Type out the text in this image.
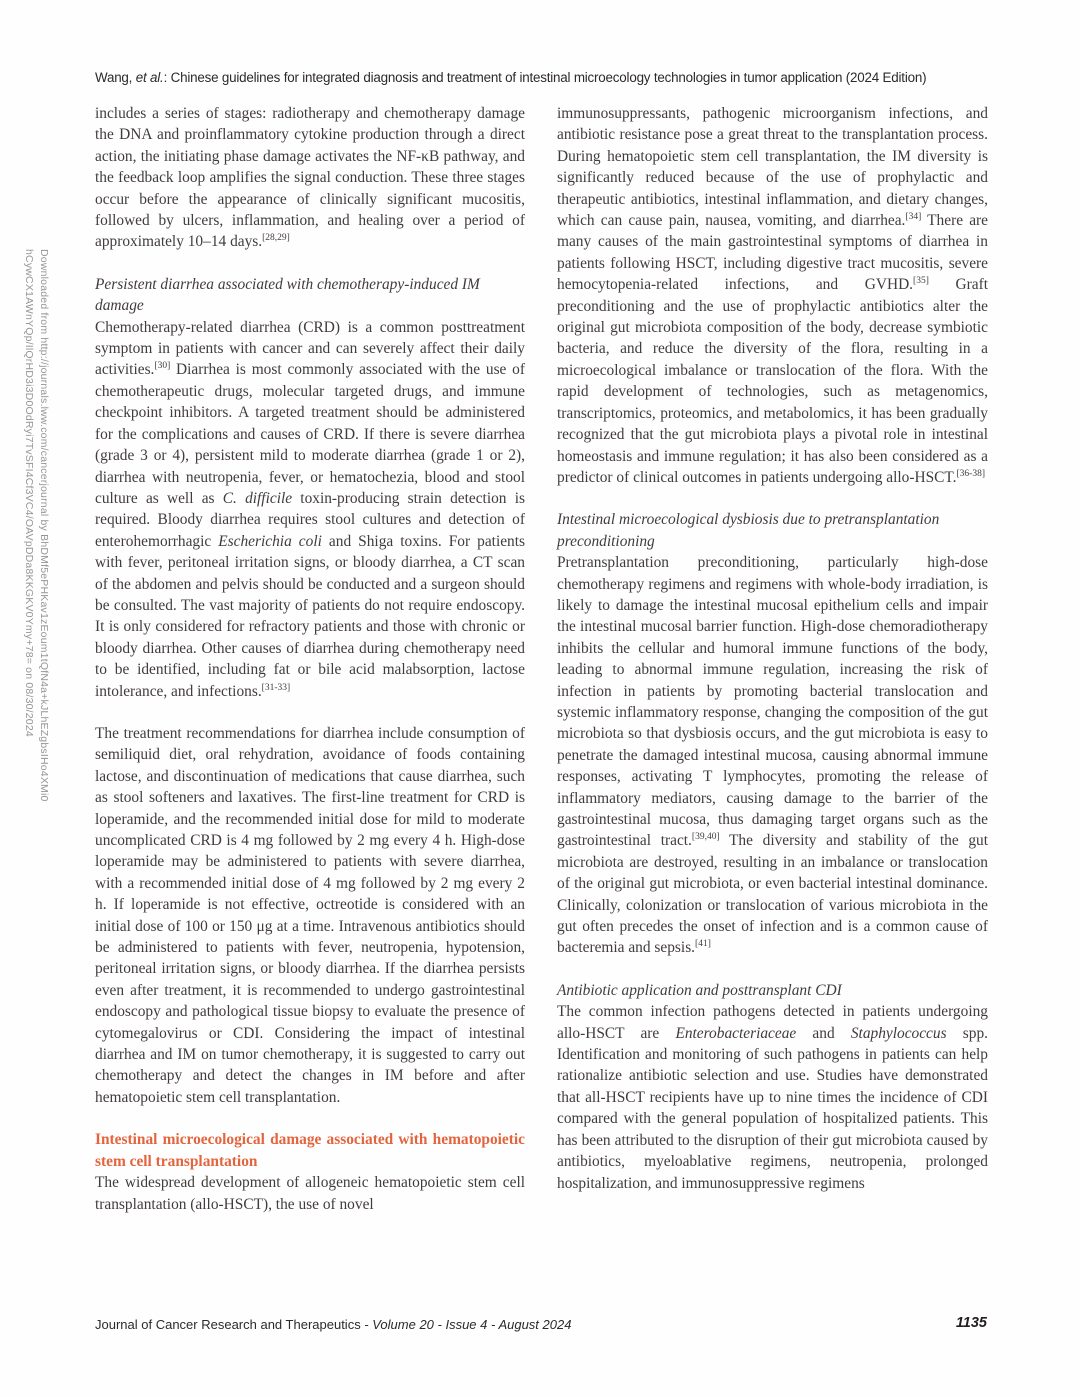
Wang, et al.: Chinese guidelines for integrated diagnosis and treatment of intestinal microecology technologies in tumor application (2024 Edition)
Downloaded from http://journals.lww.com/cancerjournal by BhDMf5ePHKav1zEoum1tQfN4a+kJLhEZgbsIHo4XMi0
hCywCX1AWnYQp/IlQrHD3i3D0OdRyi7TvSFI4Cf3VC4/OAVpDDa8KKGKV0Ymy+78= on 08/30/2024
includes a series of stages: radiotherapy and chemotherapy damage the DNA and proinflammatory cytokine production through a direct action, the initiating phase damage activates the NF-κB pathway, and the feedback loop amplifies the signal conduction. These three stages occur before the appearance of clinically significant mucositis, followed by ulcers, inflammation, and healing over a period of approximately 10–14 days.[28,29]
Persistent diarrhea associated with chemotherapy-induced IM damage
Chemotherapy-related diarrhea (CRD) is a common posttreatment symptom in patients with cancer and can severely affect their daily activities.[30] Diarrhea is most commonly associated with the use of chemotherapeutic drugs, molecular targeted drugs, and immune checkpoint inhibitors. A targeted treatment should be administered for the complications and causes of CRD. If there is severe diarrhea (grade 3 or 4), persistent mild to moderate diarrhea (grade 1 or 2), diarrhea with neutropenia, fever, or hematochezia, blood and stool culture as well as C. difficile toxin-producing strain detection is required. Bloody diarrhea requires stool cultures and detection of enterohemorrhagic Escherichia coli and Shiga toxins. For patients with fever, peritoneal irritation signs, or bloody diarrhea, a CT scan of the abdomen and pelvis should be conducted and a surgeon should be consulted. The vast majority of patients do not require endoscopy. It is only considered for refractory patients and those with chronic or bloody diarrhea. Other causes of diarrhea during chemotherapy need to be identified, including fat or bile acid malabsorption, lactose intolerance, and infections.[31-33]
The treatment recommendations for diarrhea include consumption of semiliquid diet, oral rehydration, avoidance of foods containing lactose, and discontinuation of medications that cause diarrhea, such as stool softeners and laxatives. The first-line treatment for CRD is loperamide, and the recommended initial dose for mild to moderate uncomplicated CRD is 4 mg followed by 2 mg every 4 h. High-dose loperamide may be administered to patients with severe diarrhea, with a recommended initial dose of 4 mg followed by 2 mg every 2 h. If loperamide is not effective, octreotide is considered with an initial dose of 100 or 150 μg at a time. Intravenous antibiotics should be administered to patients with fever, neutropenia, hypotension, peritoneal irritation signs, or bloody diarrhea. If the diarrhea persists even after treatment, it is recommended to undergo gastrointestinal endoscopy and pathological tissue biopsy to evaluate the presence of cytomegalovirus or CDI. Considering the impact of intestinal diarrhea and IM on tumor chemotherapy, it is suggested to carry out chemotherapy and detect the changes in IM before and after hematopoietic stem cell transplantation.
Intestinal microecological damage associated with hematopoietic stem cell transplantation
The widespread development of allogeneic hematopoietic stem cell transplantation (allo-HSCT), the use of novel
immunosuppressants, pathogenic microorganism infections, and antibiotic resistance pose a great threat to the transplantation process. During hematopoietic stem cell transplantation, the IM diversity is significantly reduced because of the use of prophylactic and therapeutic antibiotics, intestinal inflammation, and dietary changes, which can cause pain, nausea, vomiting, and diarrhea.[34] There are many causes of the main gastrointestinal symptoms of diarrhea in patients following HSCT, including digestive tract mucositis, severe hemocytopenia-related infections, and GVHD.[35] Graft preconditioning and the use of prophylactic antibiotics alter the original gut microbiota composition of the body, decrease symbiotic bacteria, and reduce the diversity of the flora, resulting in a microecological imbalance or translocation of the flora. With the rapid development of technologies, such as metagenomics, transcriptomics, proteomics, and metabolomics, it has been gradually recognized that the gut microbiota plays a pivotal role in intestinal homeostasis and immune regulation; it has also been considered as a predictor of clinical outcomes in patients undergoing allo-HSCT.[36-38]
Intestinal microecological dysbiosis due to pretransplantation preconditioning
Pretransplantation preconditioning, particularly high-dose chemotherapy regimens and regimens with whole-body irradiation, is likely to damage the intestinal mucosal epithelium cells and impair the intestinal mucosal barrier function. High-dose chemoradiotherapy inhibits the cellular and humoral immune functions of the body, leading to abnormal immune regulation, increasing the risk of infection in patients by promoting bacterial translocation and systemic inflammatory response, changing the composition of the gut microbiota so that dysbiosis occurs, and the gut microbiota is easy to penetrate the damaged intestinal mucosa, causing abnormal immune responses, activating T lymphocytes, promoting the release of inflammatory mediators, causing damage to the barrier of the gastrointestinal mucosa, thus damaging target organs such as the gastrointestinal tract.[39,40] The diversity and stability of the gut microbiota are destroyed, resulting in an imbalance or translocation of the original gut microbiota, or even bacterial intestinal dominance. Clinically, colonization or translocation of various microbiota in the gut often precedes the onset of infection and is a common cause of bacteremia and sepsis.[41]
Antibiotic application and posttransplant CDI
The common infection pathogens detected in patients undergoing allo-HSCT are Enterobacteriaceae and Staphylococcus spp. Identification and monitoring of such pathogens in patients can help rationalize antibiotic selection and use. Studies have demonstrated that all-HSCT recipients have up to nine times the incidence of CDI compared with the general population of hospitalized patients. This has been attributed to the disruption of their gut microbiota caused by antibiotics, myeloablative regimens, neutropenia, prolonged hospitalization, and immunosuppressive regimens
Journal of Cancer Research and Therapeutics - Volume 20 - Issue 4 - August 2024	1135
